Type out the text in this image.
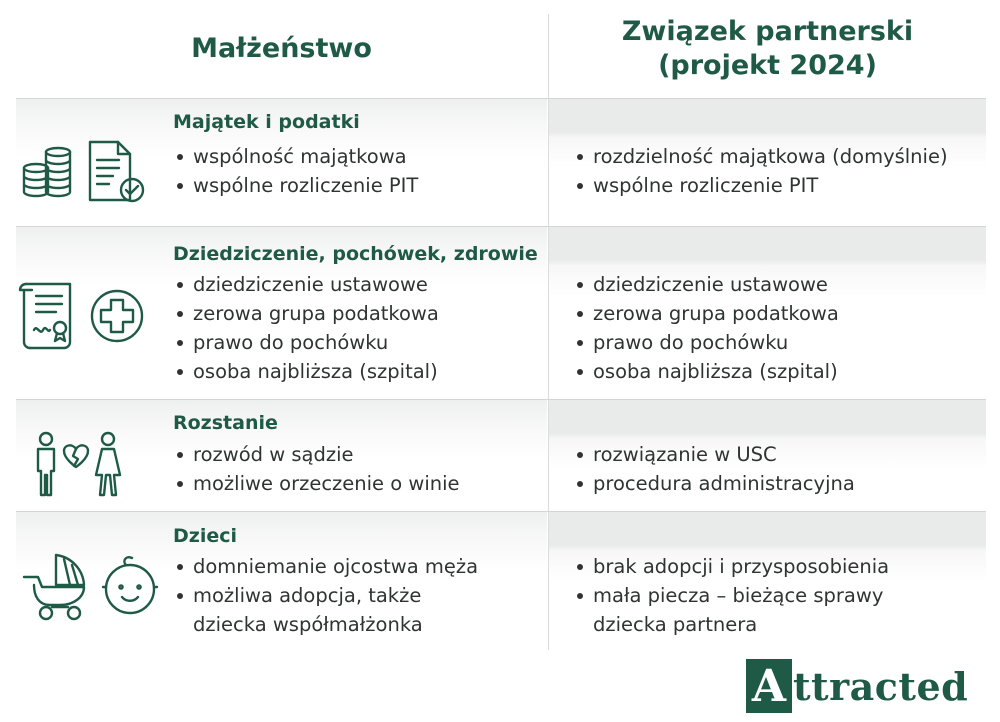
Małżeństwo
Związek partnerski
(projekt 2024)
Majątek i podatki
wspólność majątkowa
wspólne rozliczenie PIT
rozdzielność majątkowa (domyślnie)
wspólne rozliczenie PIT
Dziedziczenie, pochówek, zdrowie
dziedziczenie ustawowe
zerowa grupa podatkowa
prawo do pochówku
osoba najbliższa (szpital)
dziedziczenie ustawowe
zerowa grupa podatkowa
prawo do pochówku
osoba najbliższa (szpital)
Rozstanie
rozwód w sądzie
możliwe orzeczenie o winie
rozwiązanie w USC
procedura administracyjna
Dzieci
domniemanie ojcostwa męża
możliwa adopcja, także
dziecka współmałżonka
brak adopcji i przysposobienia
mała piecza – bieżące sprawy
dziecka partnera
A ttracted
